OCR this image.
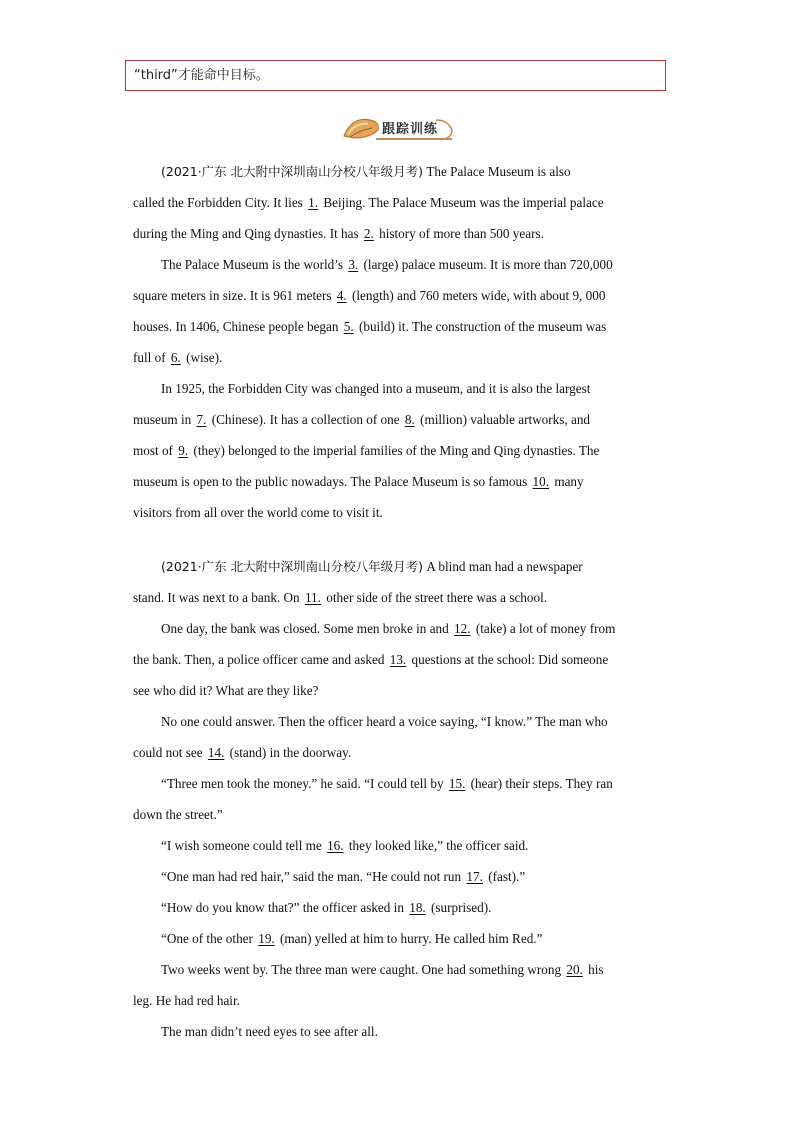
“third”才能命中目标。
跟踪训练
(2021·广东 北大附中深圳南山分校八年级月考) The Palace Museum is also
called the Forbidden City. It lies 1. Beijing. The Palace Museum was the imperial palace
during the Ming and Qing dynasties. It has 2. history of more than 500 years.
The Palace Museum is the world’s 3. (large) palace museum. It is more than 720,000
square meters in size. It is 961 meters 4. (length) and 760 meters wide, with about 9, 000
houses. In 1406, Chinese people began 5. (build) it. The construction of the museum was
full of 6. (wise).
In 1925, the Forbidden City was changed into a museum, and it is also the largest
museum in 7. (Chinese). It has a collection of one 8. (million) valuable artworks, and
most of 9. (they) belonged to the imperial families of the Ming and Qing dynasties. The
museum is open to the public nowadays. The Palace Museum is so famous 10. many
visitors from all over the world come to visit it.
(2021·广东 北大附中深圳南山分校八年级月考) A blind man had a newspaper
stand. It was next to a bank. On 11. other side of the street there was a school.
One day, the bank was closed. Some men broke in and 12. (take) a lot of money from
the bank. Then, a police officer came and asked 13. questions at the school: Did someone
see who did it? What are they like?
No one could answer. Then the officer heard a voice saying, “I know.” The man who
could not see 14. (stand) in the doorway.
“Three men took the money.” he said. “I could tell by 15. (hear) their steps. They ran
down the street.”
“I wish someone could tell me 16. they looked like,” the officer said.
“One man had red hair,” said the man. “He could not run 17. (fast).”
“How do you know that?” the officer asked in 18. (surprised).
“One of the other 19. (man) yelled at him to hurry. He called him Red.”
Two weeks went by. The three man were caught. One had something wrong 20. his
leg. He had red hair.
The man didn’t need eyes to see after all.
